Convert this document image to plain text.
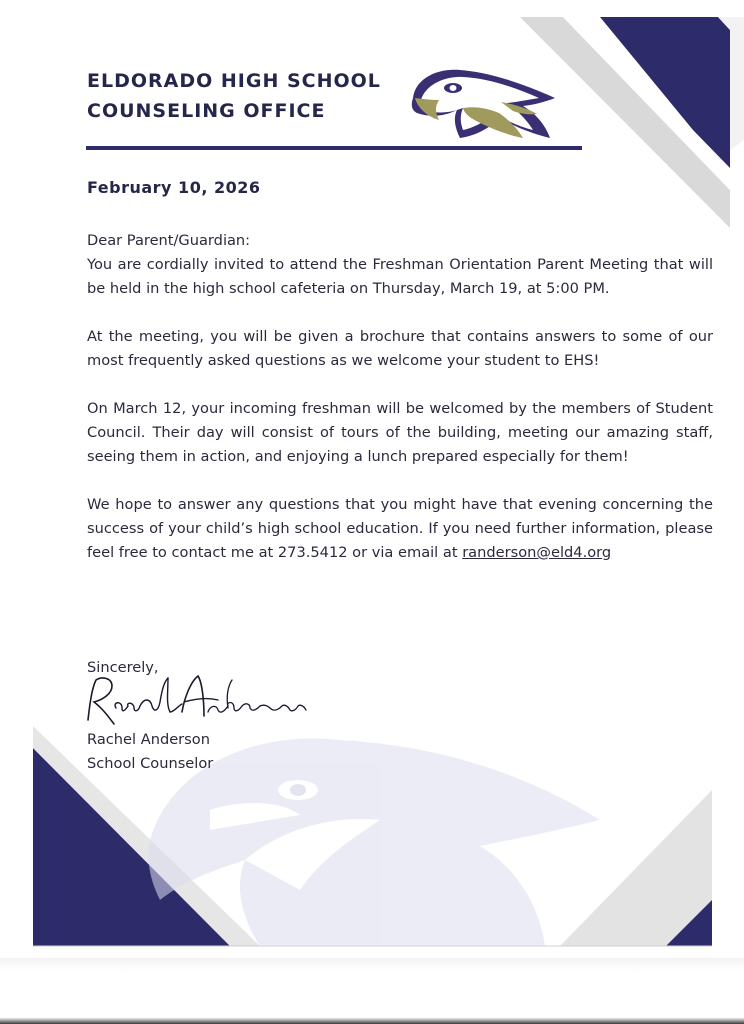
ELDORADO HIGH SCHOOL
COUNSELING OFFICE
February 10, 2026

Dear Parent/Guardian:

You are cordially invited to attend the Freshman Orientation Parent Meeting that will be held in the high school cafeteria on Thursday, March 19, at 5:00 PM.

At the meeting, you will be given a brochure that contains answers to some of our most frequently asked questions as we welcome your student to EHS!

On March 12, your incoming freshman will be welcomed by the members of Student Council. Their day will consist of tours of the building, meeting our amazing staff, seeing them in action, and enjoying a lunch prepared especially for them!

We hope to answer any questions that you might have that evening concerning the success of your child’s high school education. If you need further information, please feel free to contact me at 273.5412 or via email at randerson@eld4.org

Sincerely,
Rachel Anderson
School Counselor
